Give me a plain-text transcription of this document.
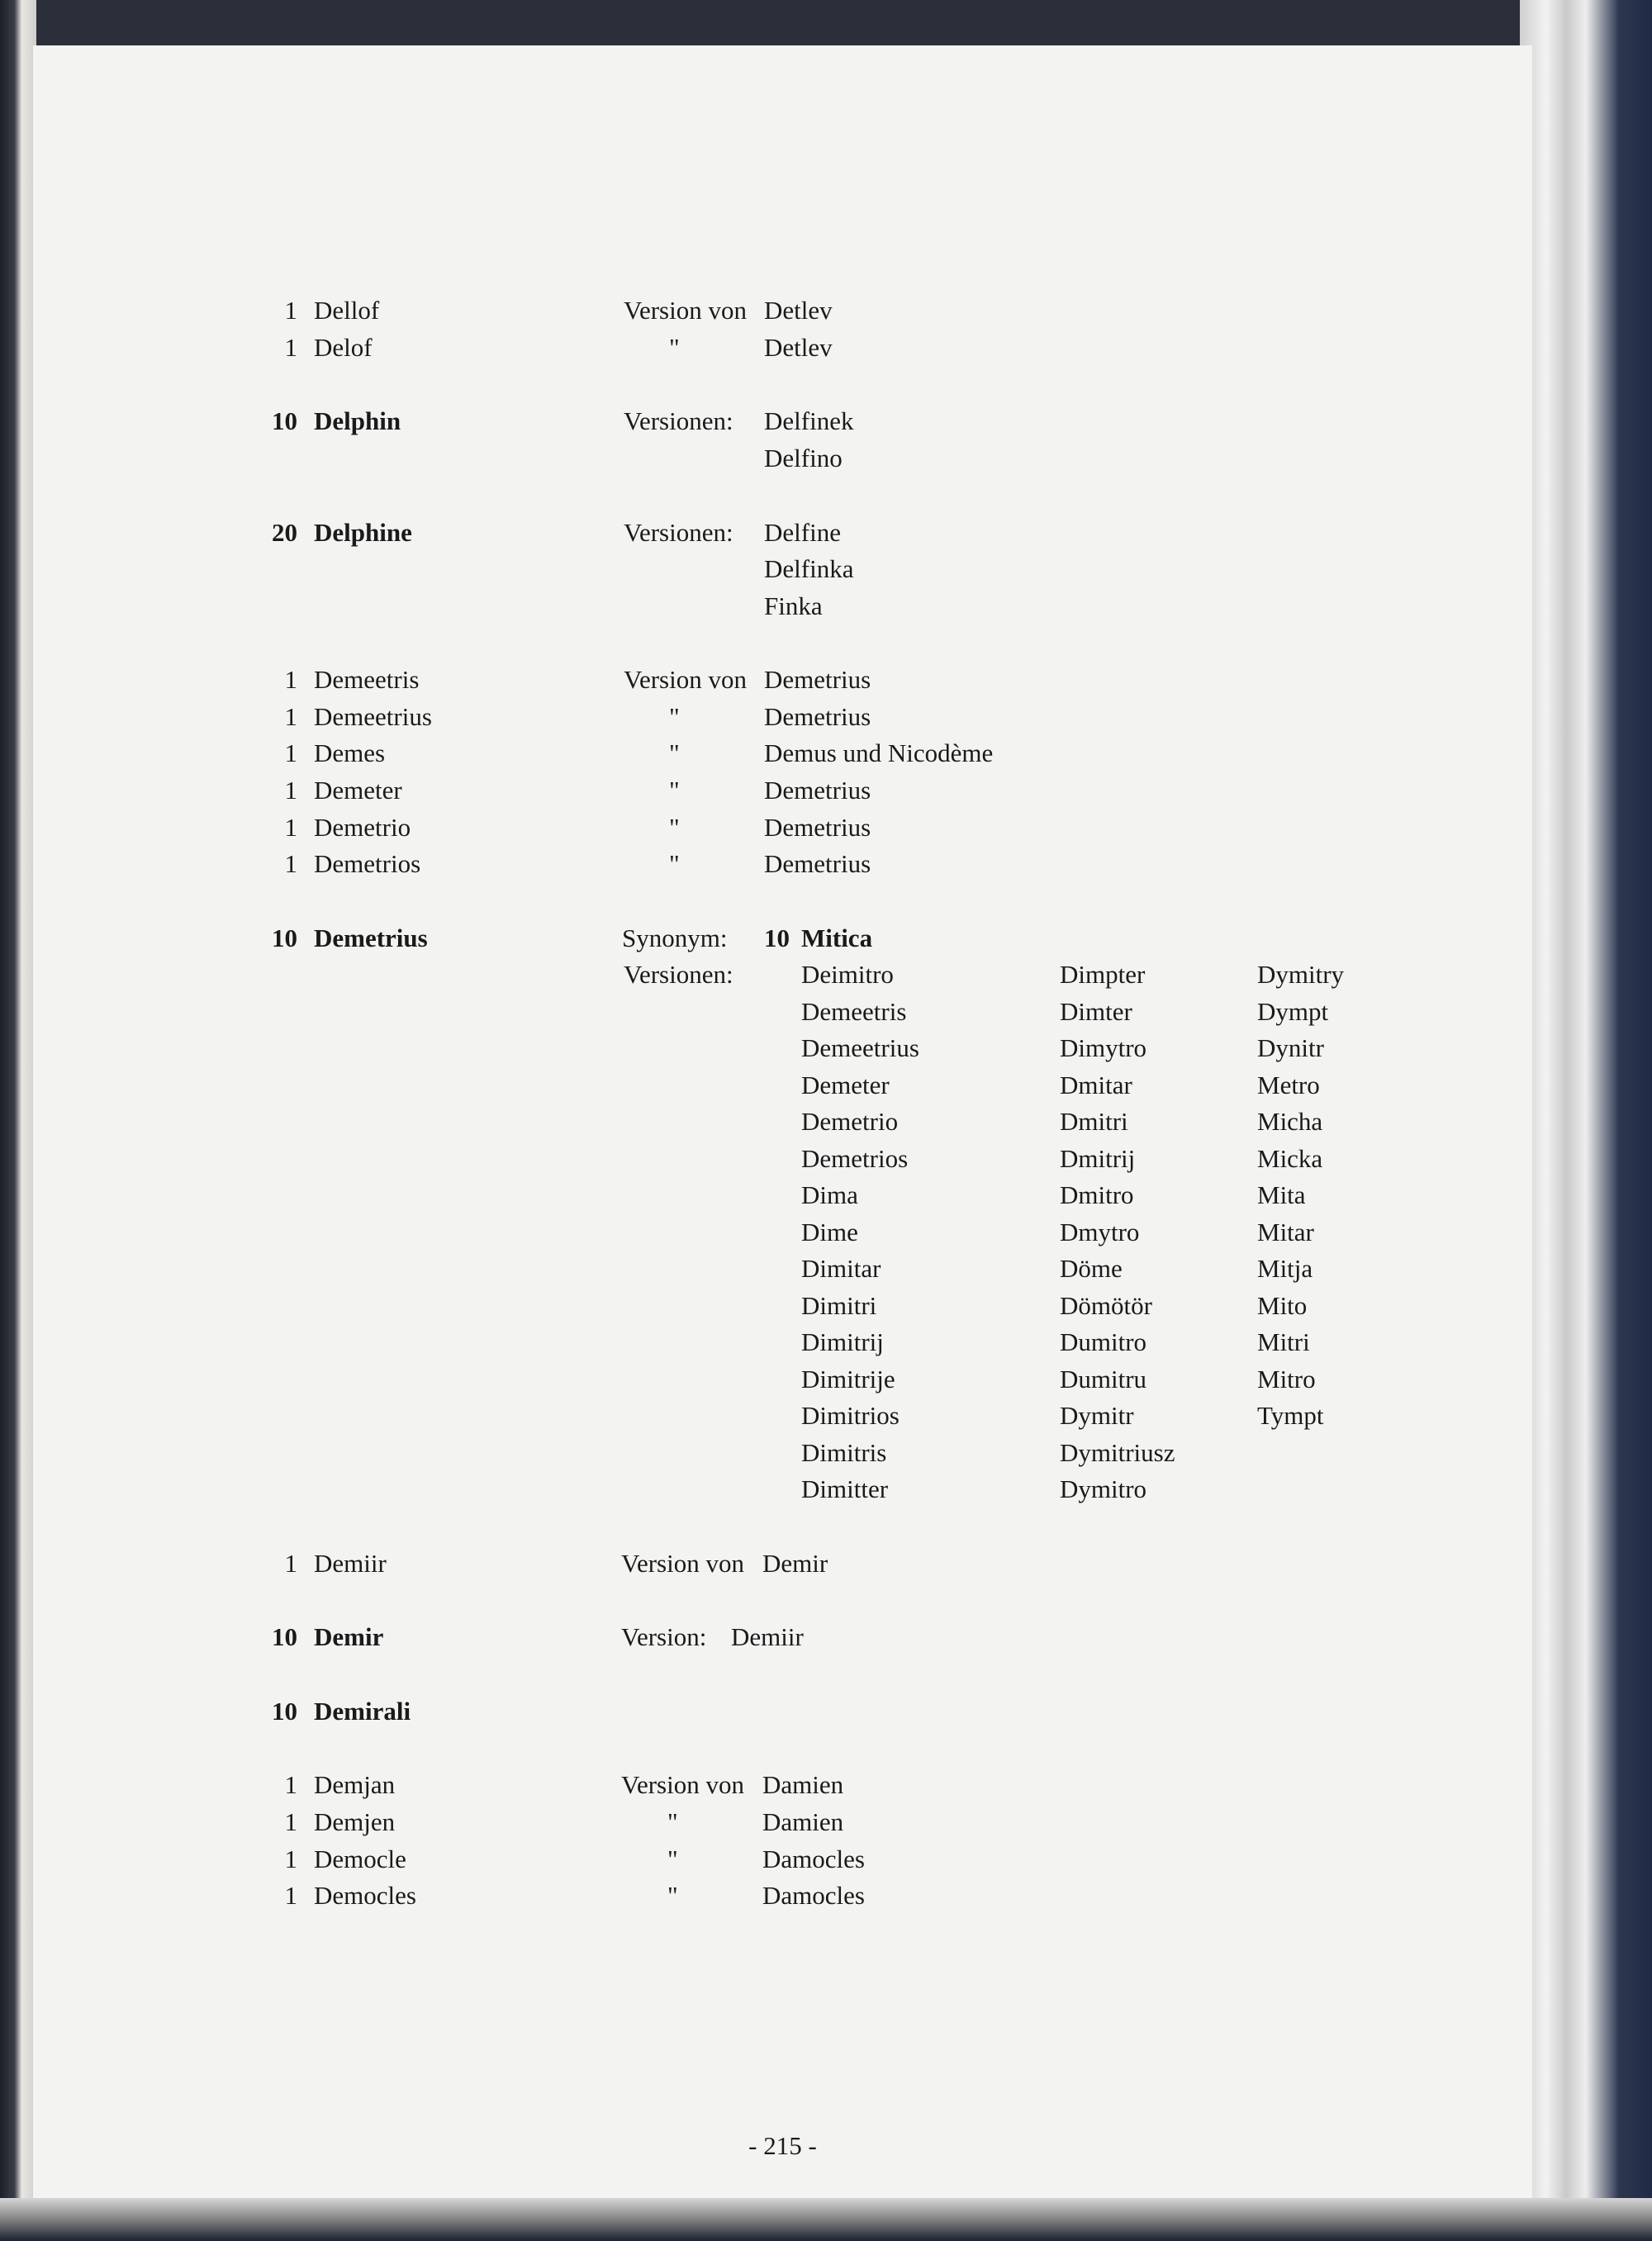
1 Dellof	Version von Detlev
1 Delof	"	Detlev
10 Delphin	Versionen: Delfinek
Delfino
20 Delphine	Versionen: Delfine
Delfinka
Finka
1 Demeetris	Version von Demetrius
1 Demeetrius	"	Demetrius
1 Demes	"	Demus und Nicodème
1 Demeter	"	Demetrius
1 Demetrio	"	Demetrius
1 Demetrios	"	Demetrius
10 Demetrius	Synonym: 10 Mitica
Versionen:	Deimitro	Dimpter	Dymitry
Demeetris	Dimter	Dympt
Demeetrius	Dimytro	Dynitr
Demeter	Dmitar	Metro
Demetrio	Dmitri	Micha
Demetrios	Dmitrij	Micka
Dima	Dmitro	Mita
Dime	Dmytro	Mitar
Dimitar	Döme	Mitja
Dimitri	Dömötör	Mito
Dimitrij	Dumitro	Mitri
Dimitrije	Dumitru	Mitro
Dimitrios	Dymitr	Tympt
Dimitris	Dymitriusz
Dimitter	Dymitro
1 Demiir	Version von Demir
10 Demir	Version: Demiir
10 Demirali
1 Demjan	Version von Damien
1 Demjen	"	Damien
1 Democle	"	Damocles
1 Democles	"	Damocles
- 215 -
